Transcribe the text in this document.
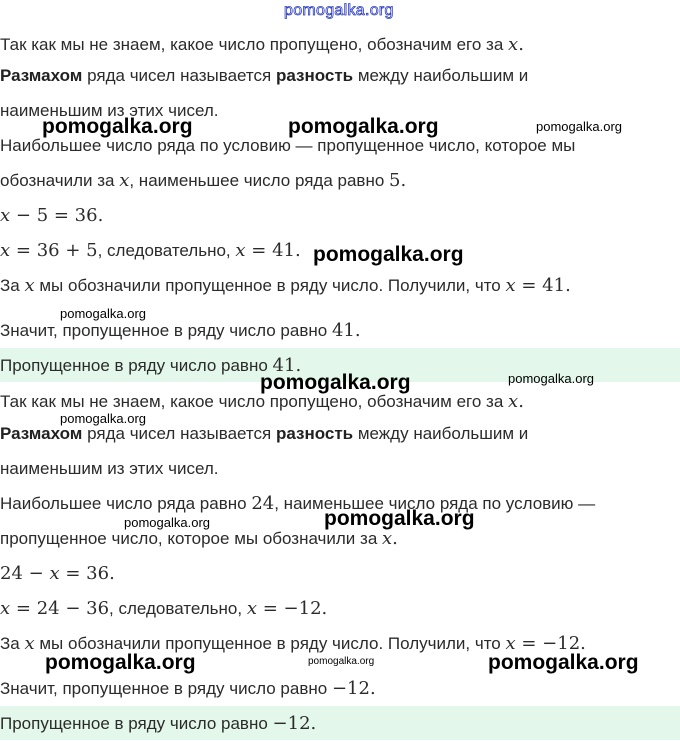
pomogalka.org
Так как мы не знаем, какое число пропущено, обозначим его за x.
Размахом ряда чисел называется разность между наибольшим и
наименьшим из этих чисел.
Наибольшее число ряда по условию — пропущенное число, которое мы
обозначили за x, наименьшее число ряда равно 5.
x − 5 = 36.
x = 36 + 5, следовательно, x = 41.
За x мы обозначили пропущенное в ряду число. Получили, что x = 41.
Значит, пропущенное в ряду число равно 41.
Пропущенное в ряду число равно 41.
Так как мы не знаем, какое число пропущено, обозначим его за x.
Размахом ряда чисел называется разность между наибольшим и
наименьшим из этих чисел.
Наибольшее число ряда равно 24, наименьшее число ряда по условию —
пропущенное число, которое мы обозначили за x.
24 − x = 36.
x = 24 − 36, следовательно, x = −12.
За x мы обозначили пропущенное в ряду число. Получили, что x = −12.
Значит, пропущенное в ряду число равно −12.
Пропущенное в ряду число равно −12.
pomogalka.org	pomogalka.org	pomogalka.org
pomogalka.org
pomogalka.org
pomogalka.org	pomogalka.org
pomogalka.org
pomogalka.org
pomogalka.org
pomogalka.org	pomogalka.org	pomogalka.org
